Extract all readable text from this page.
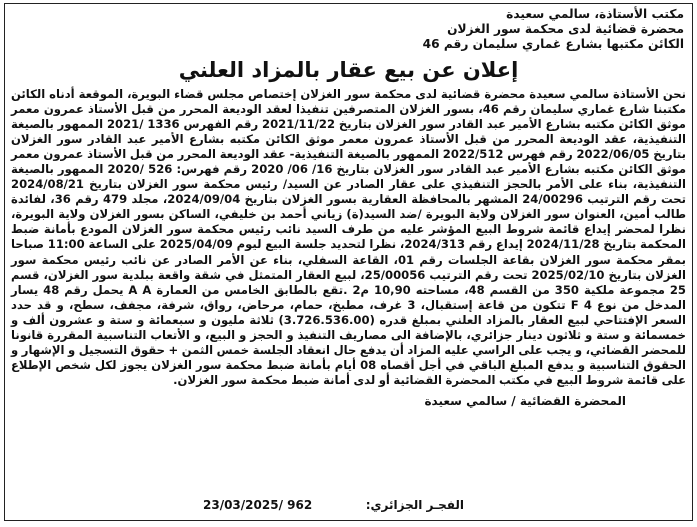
مكتب الأستاذة، سالمي سعيدة
محضرة قضائية لدى محكمة سور الغزلان
الكائن مكتبها بشارع غماري سليمان رقم 46
إعلان عن بيع عقار بالمزاد العلني
نحن الأستاذة سالمي سعيدة محضرة قضائية لدى محكمة سور الغزلان إختصاص مجلس قضاء البويرة، الموقعة أدناه الكائن مكتبنا شارع غماري سليمان رقم 46، بسور الغزلان المتصرفين تنفيذا لعقد الوديعة المحرر من قبل الأستاذ عمرون معمر موثق الكائن مكتبه بشارع الأمير عبد القادر سور الغزلان بتاريخ 2021/11/22 رقم الفهرس 1336 /2021 الممهور بالصيغة التنفيذية، عقد الوديعة المحرر من قبل الأستاذ عمرون معمر موثق الكائن مكتبه بشارع الأمير عبد القادر سور الغزلان بتاريخ 2022/06/05 رقم فهرس 2022/512 الممهور بالصيغة التنفيذية- عقد الوديعة المحرر من قبل الأستاذ عمرون معمر موثق الكائن مكتبه بشارع الأمير عبد القادر سور الغزلان بتاريخ 16/ 06/ 2020 رقم فهرس: 526 /2020 الممهور بالصيغة التنفيذية، بناء على الأمر بالحجز التنفيذي على عقار الصادر عن السيد/ رئيس محكمة سور الغزلان بتاريخ 2024/08/21 تحت رقم الترتيب 24/00296 المشهر بالمحافظة العقارية بسور الغزلان بتاريخ 2024/09/04، مجلد 479 رقم 36، لفائدة طالب أمين، العنوان سور الغزلان ولاية البويرة /ضد السيد(ة) زياني أحمد بن خليفي، الساكن بسور الغزلان ولاية البويرة، نظرا لمحضر إيداع قائمة شروط البيع المؤشر عليه من طرف السيد نائب رئيس محكمة سور الغزلان المودع بأمانة ضبط المحكمة بتاريخ 2024/11/28 إيداع رقم 2024/313، نظرا لتحديد جلسة البيع ليوم 2025/04/09 على الساعة 11:00 صباحا بمقر محكمة سور الغزلان بقاعة الجلسات رقم 01، القاعة السفلي، بناء عن الأمر الصادر عن نائب رئيس محكمة سور الغزلان بتاريخ 2025/02/10 تحت رقم الترتيب 25/00056، لبيع العقار المتمثل في شقة واقعة ببلدية سور الغزلان، قسم 25 مجموعة ملكية 350 من القسم 48، مساحته 10,90 م2 .تقع بالطابق الخامس من العمارة A A يحمل رقم 48 يسار المدخل من نوع F 4 تتكون من قاعة إستقبال، 3 غرف، مطبخ، حمام، مرحاض، رواق، شرفة، مجفف، سطح، و قد حدد السعر الإفتتاحي لبيع العقار بالمزاد العلني بمبلغ قدره (3.726.536.00) ثلاثة مليون و سبعمائة و ستة و عشرون ألف و خمسمائة و ستة و ثلاثون دينار جزائري، بالإضافة الى مصاريف التنفيذ و الحجز و البيع، و الأتعاب التناسبية المقررة قانونا للمحضر القضائي، و يجب على الراسي عليه المزاد أن يدفع حال انعقاد الجلسة خمس الثمن + حقوق التسجيل و الإشهار و الحقوق التناسبية و يدفع المبلغ الباقي في أجل أقصاه 08 أيام بأمانة ضبط محكمة سور الغزلان يجوز لكل شخص الإطلاع على قائمة شروط البيع في مكتب المحضرة القضائية أو لدى أمانة ضبط محكمة سور الغزلان.
المحضرة القضائية / سالمي سعيدة
الفجـر الجزائري:
23/03/2025/ 962
